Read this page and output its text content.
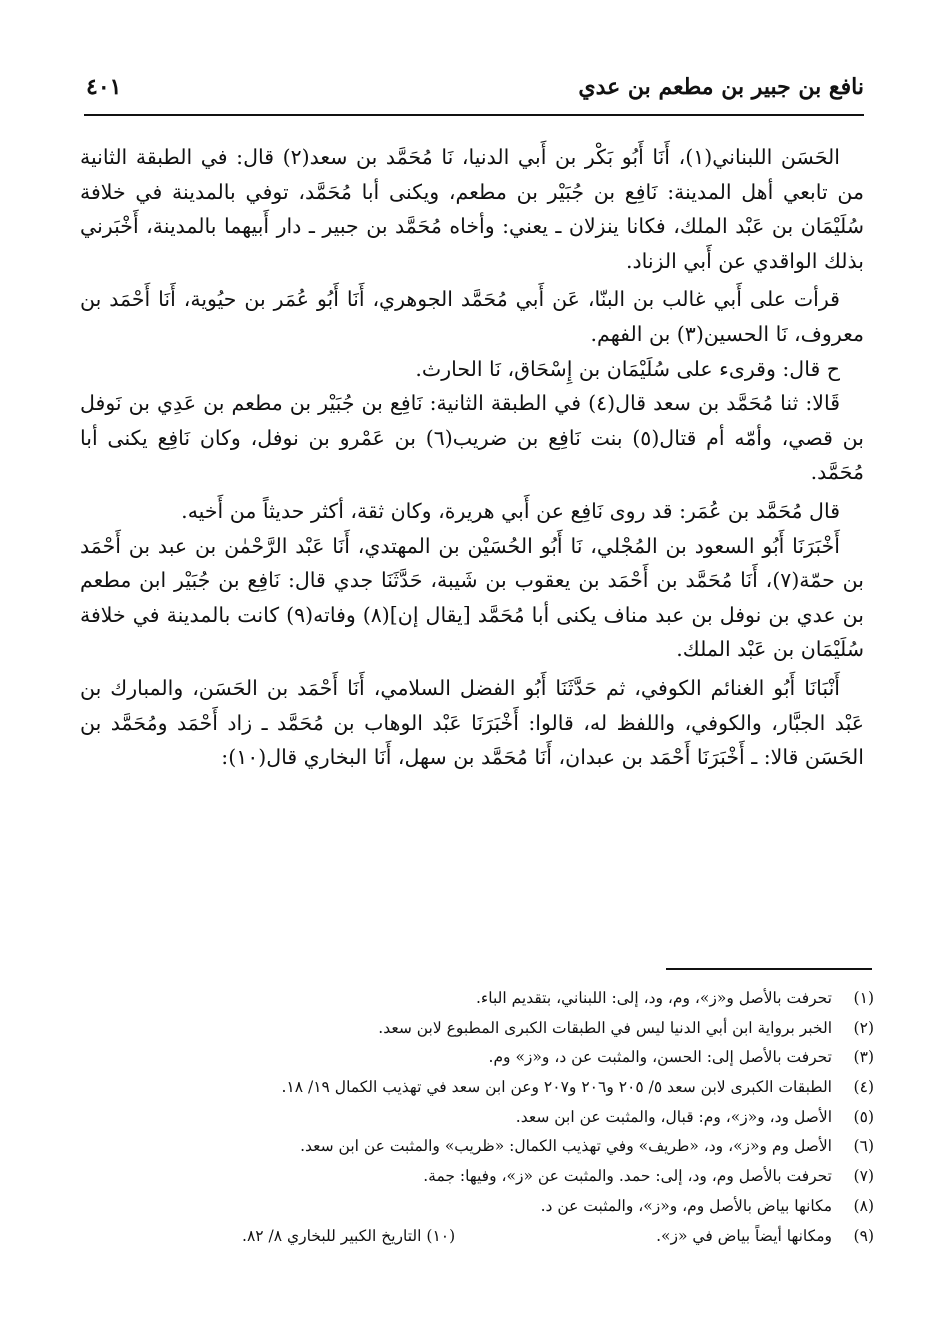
نافع بن جبير بن مطعم بن عدي
٤٠١

الحَسَن اللبناني(١)، أَنَا أَبُو بَكْر بن أَبي الدنيا، نَا مُحَمَّد بن سعد(٢) قال: في الطبقة الثانية من تابعي أهل المدينة: نَافِع بن جُبَيْر بن مطعم، ويكنى أبا مُحَمَّد، توفي بالمدينة في خلافة سُلَيْمَان بن عَبْد الملك، فكانا ينزلان ـ يعني: وأخاه مُحَمَّد بن جبير ـ دار أَبيهما بالمدينة، أَخْبَرني بذلك الواقدي عن أَبي الزناد.

قرأت على أَبي غالب بن البنّا، عَن أَبي مُحَمَّد الجوهري، أَنَا أَبُو عُمَر بن حيُوية، أَنَا أَحْمَد بن معروف، نَا الحسين(٣) بن الفهم.

ح قال: وقرىء على سُلَيْمَان بن إِسْحَاق، نَا الحارث.

قَالا: ثنا مُحَمَّد بن سعد قال(٤) في الطبقة الثانية: نَافِع بن جُبَيْر بن مطعم بن عَدِي بن نَوفل بن قصي، وأمّه أم قتال(٥) بنت نَافِع بن ضريب(٦) بن عَمْرو بن نوفل، وكان نَافِع يكنى أبا مُحَمَّد.

قال مُحَمَّد بن عُمَر: قد روى نَافِع عن أَبي هريرة، وكان ثقة، أكثر حديثاً من أَخيه.

أَخْبَرَنَا أَبُو السعود بن المُجْلي، نَا أَبُو الحُسَيْن بن المهتدي، أَنَا عَبْد الرَّحْمٰن بن عبد بن أَحْمَد بن حمّة(٧)، أَنَا مُحَمَّد بن أَحْمَد بن يعقوب بن شَيبة، حَدَّثَنَا جدي قال: نَافِع بن جُبَيْر ابن مطعم بن عدي بن نوفل بن عبد مناف يكنى أبا مُحَمَّد [يقال إن](٨) وفاته(٩) كانت بالمدينة في خلافة سُلَيْمَان بن عَبْد الملك.

أَنْبَانَا أَبُو الغنائم الكوفي، ثم حَدَّثَنَا أَبُو الفضل السلامي، أَنَا أَحْمَد بن الحَسَن، والمبارك بن عَبْد الجبَّار، والكوفي، واللفظ له، قالوا: أَخْبَرَنَا عَبْد الوهاب بن مُحَمَّد ـ زاد أَحْمَد ومُحَمَّد بن الحَسَن قالا: ـ أَخْبَرَنَا أَحْمَد بن عبدان، أَنَا مُحَمَّد بن سهل، أَنَا البخاري قال(١٠):

(١)تحرفت بالأصل و«ز»، وم، ود، إلى: اللبناني، بتقديم الباء.
(٢)الخبر برواية ابن أبي الدنيا ليس في الطبقات الكبرى المطبوع لابن سعد.
(٣)تحرفت بالأصل إلى: الحسن، والمثبت عن د، و«ز» وم.
(٤)الطبقات الكبرى لابن سعد ٥/ ٢٠٥ و٢٠٦ و٢٠٧ وعن ابن سعد في تهذيب الكمال ١٩/ ١٨.
(٥)الأصل ود، و«ز»، وم: قبال، والمثبت عن ابن سعد.
(٦)الأصل وم و«ز»، ود، «طريف» وفي تهذيب الكمال: «ظريب» والمثبت عن ابن سعد.
(٧)تحرفت بالأصل وم، ود، إلى: حمد. والمثبت عن «ز»، وفيها: جمة.
(٨)مكانها بياض بالأصل وم، و«ز»، والمثبت عن د.
(٩)ومكانها أيضاً بياض في «ز».
(١٠) التاريخ الكبير للبخاري ٨/ ٨٢.
